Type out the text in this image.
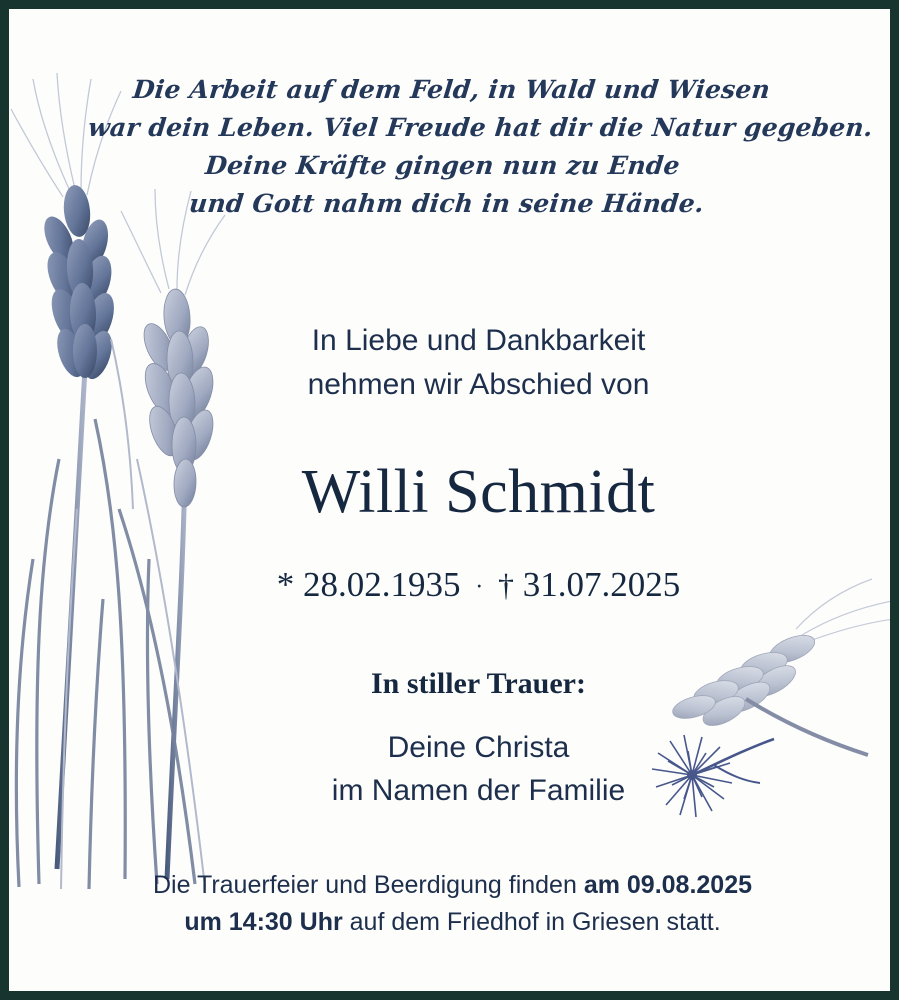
Die Arbeit auf dem Feld, in Wald und Wiesen
war dein Leben. Viel Freude hat dir die Natur gegeben.
Deine Kräfte gingen nun zu Ende
und Gott nahm dich in seine Hände.
In Liebe und Dankbarkeit
nehmen wir Abschied von
Willi Schmidt
* 28.02.1935 · † 31.07.2025
In stiller Trauer:
Deine Christa
im Namen der Familie
Die Trauerfeier und Beerdigung finden am 09.08.2025
um 14:30 Uhr auf dem Friedhof in Griesen statt.
